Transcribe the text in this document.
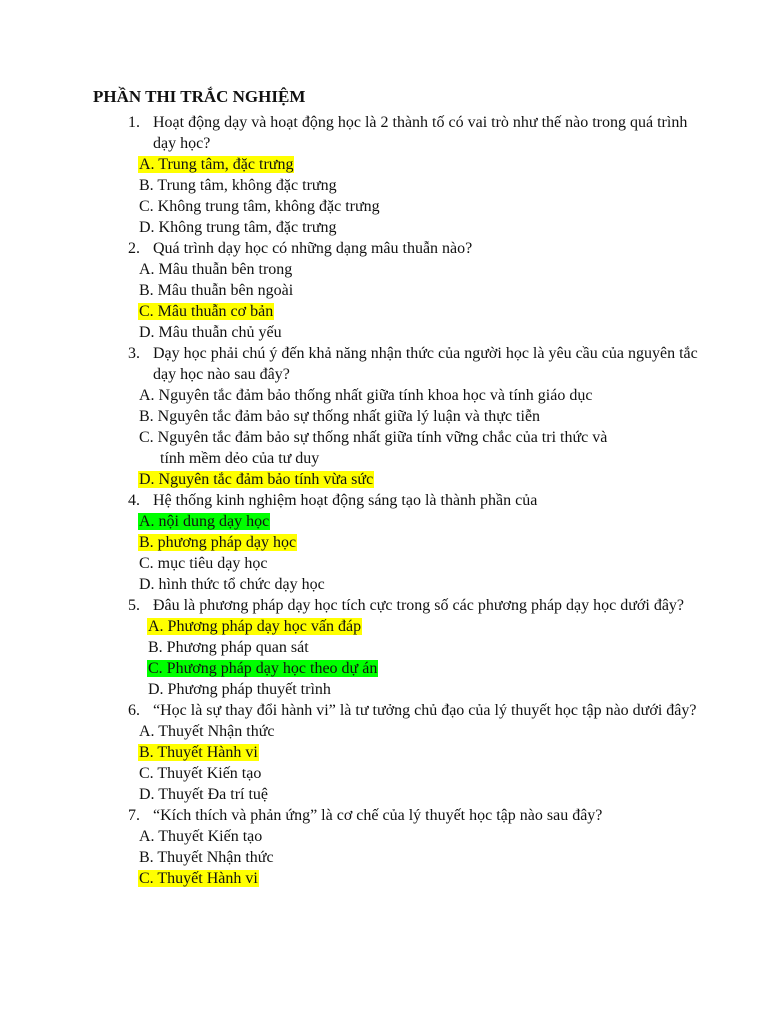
PHẦN THI TRẮC NGHIỆM
1. Hoạt động dạy và hoạt động học là 2 thành tố có vai trò như thế nào trong quá trình dạy học?
A. Trung tâm, đặc trưng
B. Trung tâm, không đặc trưng
C. Không trung tâm, không đặc trưng
D. Không trung tâm, đặc trưng
2. Quá trình dạy học có những dạng mâu thuẫn nào?
A. Mâu thuẫn bên trong
B. Mâu thuẫn bên ngoài
C. Mâu thuẫn cơ bản
D. Mâu thuẫn chủ yếu
3. Dạy học phải chú ý đến khả năng nhận thức của người học là yêu cầu của nguyên tắc dạy học nào sau đây?
A. Nguyên tắc đảm bảo thống nhất giữa tính khoa học và tính giáo dục
B. Nguyên tắc đảm bảo sự thống nhất giữa lý luận và thực tiễn
C. Nguyên tắc đảm bảo sự thống nhất giữa tính vững chắc của tri thức và
tính mềm dẻo của tư duy
D. Nguyên tắc đảm bảo tính vừa sức
4. Hệ thống kinh nghiệm hoạt động sáng tạo là thành phần của
A. nội dung dạy học
B. phương pháp dạy học
C. mục tiêu dạy học
D. hình thức tổ chức dạy học
5. Đâu là phương pháp dạy học tích cực trong số các phương pháp dạy học dưới đây?
A. Phương pháp dạy học vấn đáp
B. Phương pháp quan sát
C. Phương pháp dạy học theo dự án
D. Phương pháp thuyết trình
6. “Học là sự thay đổi hành vi” là tư tưởng chủ đạo của lý thuyết học tập nào dưới đây?
A. Thuyết Nhận thức
B. Thuyết Hành vi
C. Thuyết Kiến tạo
D. Thuyết Đa trí tuệ
7. “Kích thích và phản ứng” là cơ chế của lý thuyết học tập nào sau đây?
A. Thuyết Kiến tạo
B. Thuyết Nhận thức
C. Thuyết Hành vi
